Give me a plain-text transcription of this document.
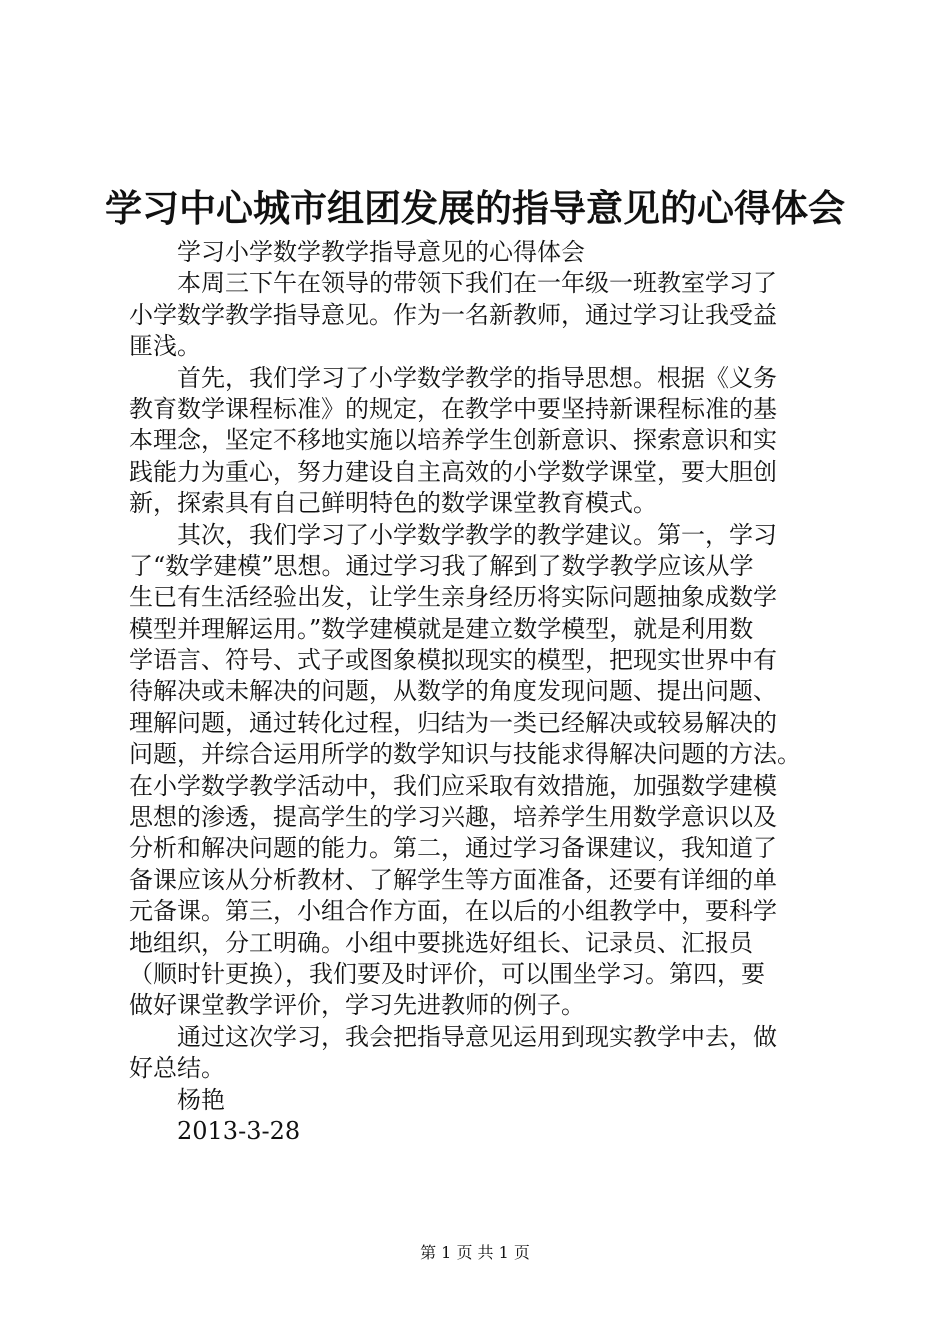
学习中心城市组团发展的指导意见的心得体会
学习小学数学教学指导意见的心得体会
本周三下午在领导的带领下我们在一年级一班教室学习了
小学数学教学指导意见。作为一名新教师，通过学习让我受益
匪浅。
首先，我们学习了小学数学教学的指导思想。根据《义务
教育数学课程标准》的规定，在教学中要坚持新课程标准的基
本理念，坚定不移地实施以培养学生创新意识、探索意识和实
践能力为重心，努力建设自主高效的小学数学课堂，要大胆创
新，探索具有自己鲜明特色的数学课堂教育模式。
其次，我们学习了小学数学教学的教学建议。第一，学习
了“数学建模”思想。通过学习我了解到了数学教学应该从学
生已有生活经验出发，让学生亲身经历将实际问题抽象成数学
模型并理解运用。”数学建模就是建立数学模型，就是利用数
学语言、符号、式子或图象模拟现实的模型，把现实世界中有
待解决或未解决的问题，从数学的角度发现问题、提出问题、
理解问题，通过转化过程，归结为一类已经解决或较易解决的
问题，并综合运用所学的数学知识与技能求得解决问题的方法。
在小学数学教学活动中，我们应采取有效措施，加强数学建模
思想的渗透，提高学生的学习兴趣，培养学生用数学意识以及
分析和解决问题的能力。第二，通过学习备课建议，我知道了
备课应该从分析教材、了解学生等方面准备，还要有详细的单
元备课。第三，小组合作方面，在以后的小组教学中，要科学
地组织，分工明确。小组中要挑选好组长、记录员、汇报员
（顺时针更换），我们要及时评价，可以围坐学习。第四，要
做好课堂教学评价，学习先进教师的例子。
通过这次学习，我会把指导意见运用到现实教学中去，做
好总结。
杨艳
2013-3-28
第 1 页 共 1 页
